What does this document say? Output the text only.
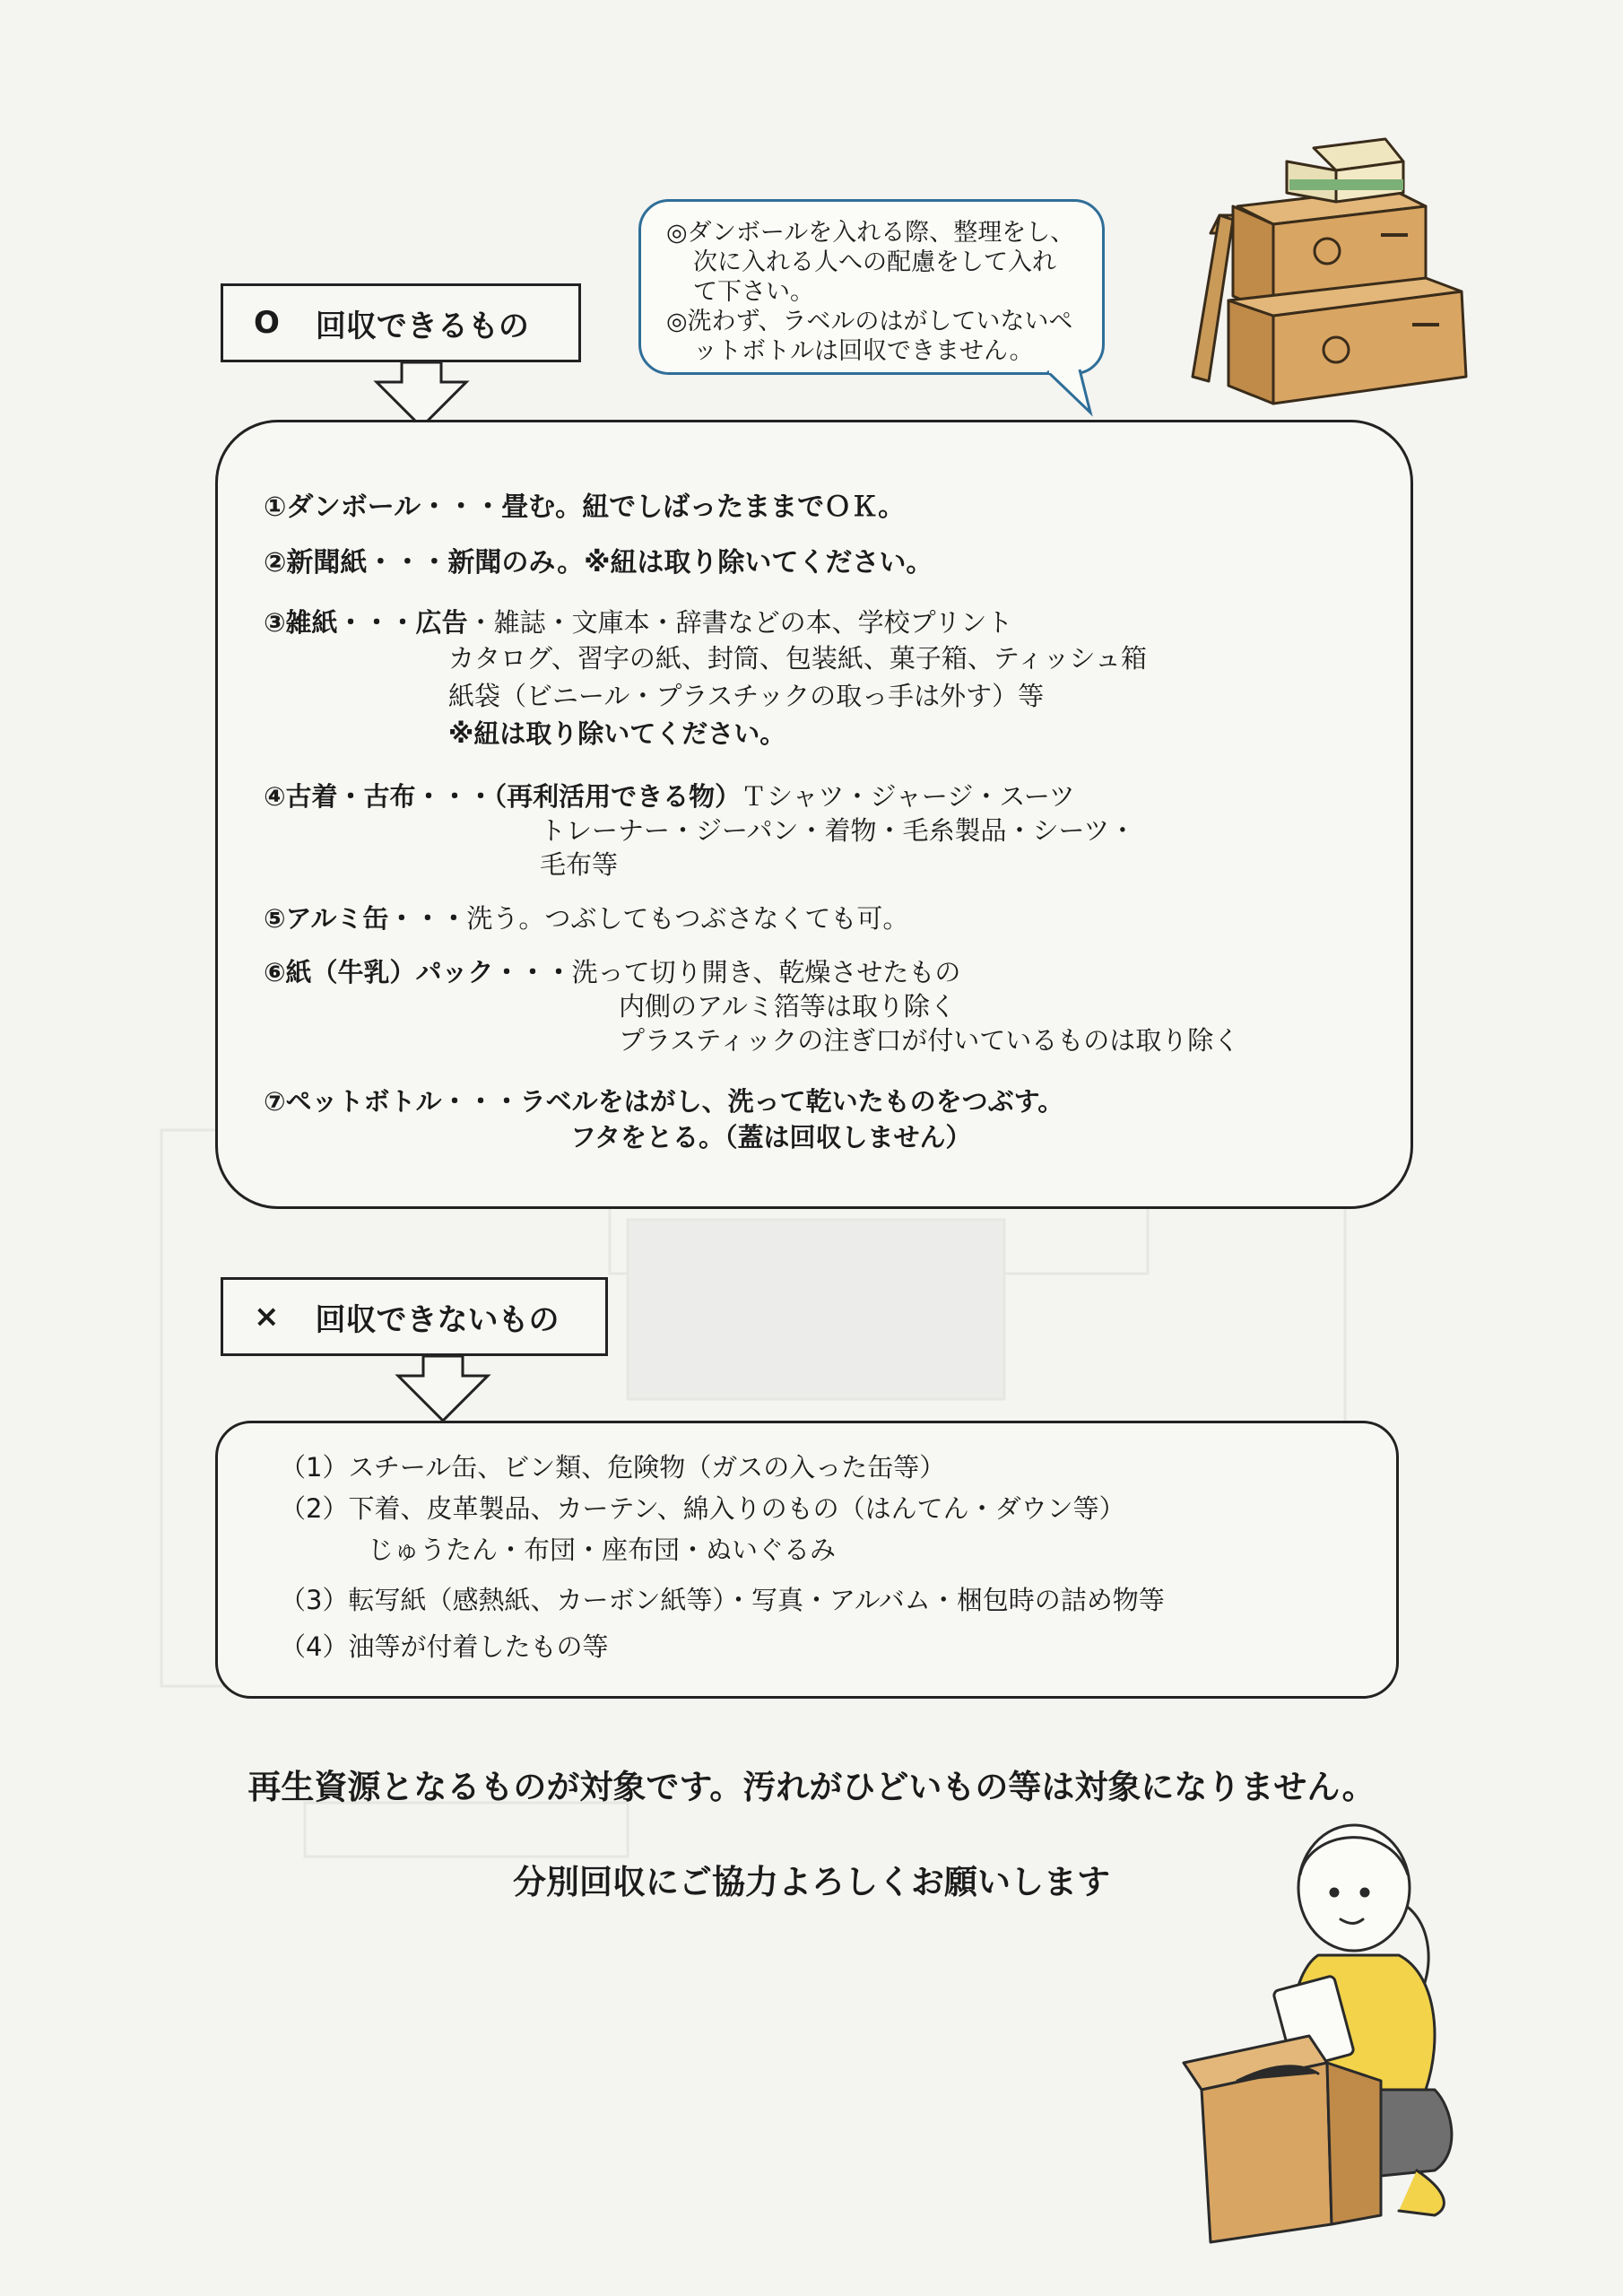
◎ダンボールを入れる際、整理をし、
次に入れる人への配慮をして入れ
て下さい。
◎洗わず、ラベルのはがしていないペ
ットボトルは回収できません。
O 回収できるもの
①ダンボール・・・畳む。紐でしばったままでＯＫ。
②新聞紙・・・新聞のみ。※紐は取り除いてください。
③雑紙・・・広告・雑誌・文庫本・辞書などの本、学校プリント
カタログ、習字の紙、封筒、包装紙、菓子箱、ティッシュ箱
紙袋（ビニール・プラスチックの取っ手は外す）等
※紐は取り除いてください。
④古着・古布・・・（再利活用できる物）Ｔシャツ・ジャージ・スーツ
トレーナー・ジーパン・着物・毛糸製品・シーツ・
毛布等
⑤アルミ缶・・・洗う。つぶしてもつぶさなくても可。
⑥紙（牛乳）パック・・・洗って切り開き、乾燥させたもの
内側のアルミ箔等は取り除く
プラスティックの注ぎ口が付いているものは取り除く
⑦ペットボトル・・・ラベルをはがし、洗って乾いたものをつぶす。
フタをとる。（蓋は回収しません）
× 回収できないもの
（1）スチール缶、ビン類、危険物（ガスの入った缶等）
（2）下着、皮革製品、カーテン、綿入りのもの（はんてん・ダウン等）
じゅうたん・布団・座布団・ぬいぐるみ
（3）転写紙（感熱紙、カーボン紙等）・写真・アルバム・梱包時の詰め物等
（4）油等が付着したもの等
再生資源となるものが対象です。汚れがひどいもの等は対象になりません。
分別回収にご協力よろしくお願いします
